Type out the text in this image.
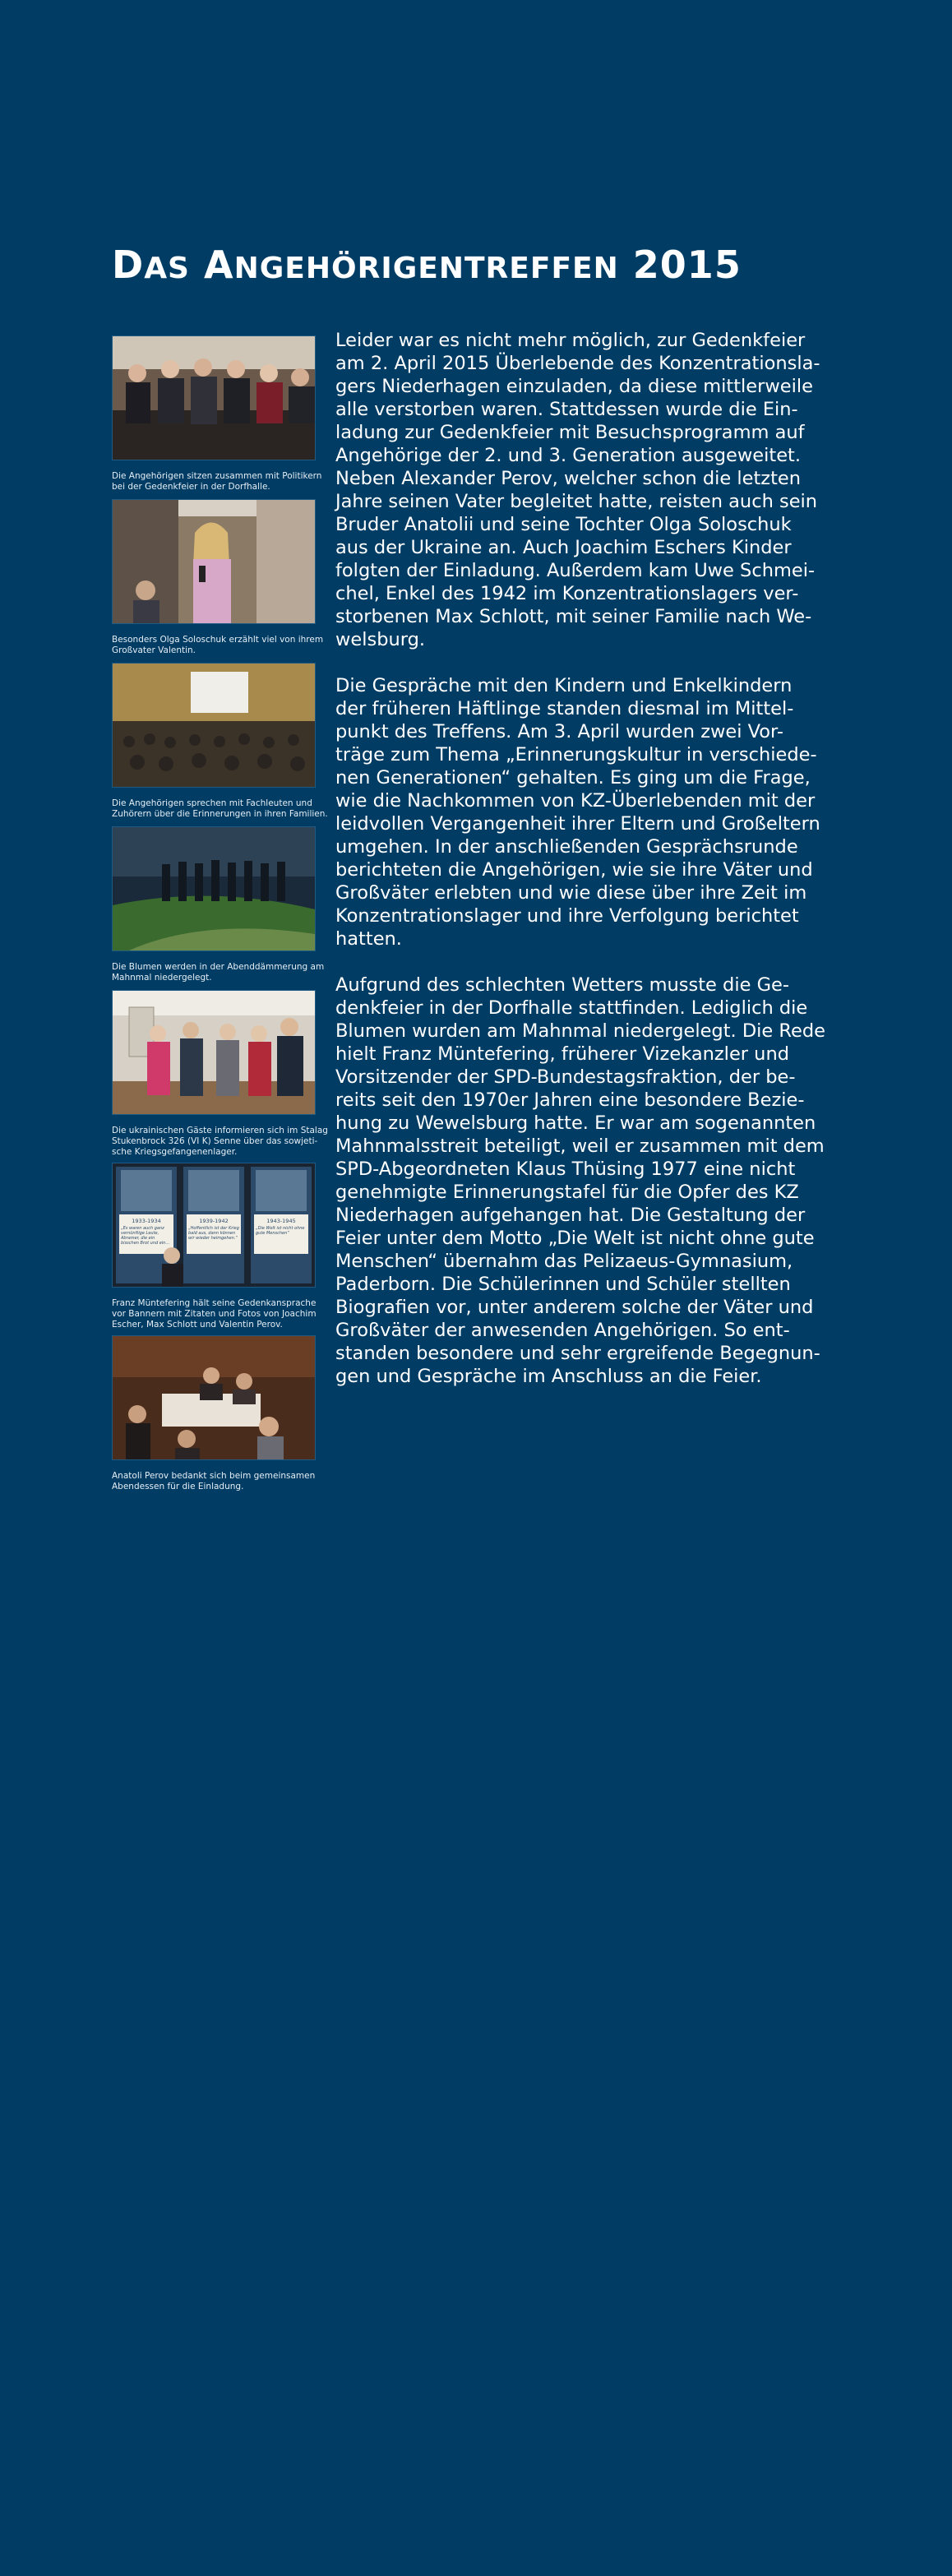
DAS ANGEHÖRIGENTREFFEN 2015
Die Angehörigen sitzen zusammen mit Politikern
bei der Gedenkfeier in der Dorfhalle.
Besonders Olga Soloschuk erzählt viel von ihrem
Großvater Valentin.
Die Angehörigen sprechen mit Fachleuten und
Zuhörern über die Erinnerungen in ihren Familien.
Die Blumen werden in der Abenddämmerung am
Mahnmal niedergelegt.
Die ukrainischen Gäste informieren sich im Stalag
Stukenbrock 326 (VI K) Senne über das sowjeti-
sche Kriegsgefangenenlager.
1933-1934	1939-1942	1943-1945
„Es waren auch ganz vernünftige Leute, Abramer, die ein bisschen Brot und ein…
„Hoffentlich ist der Krieg bald aus, dann können wir wieder heimgehen.“
„Die Welt ist nicht ohne gute Menschen“
Franz Müntefering hält seine Gedenkansprache
vor Bannern mit Zitaten und Fotos von Joachim
Escher, Max Schlott und Valentin Perov.
Anatoli Perov bedankt sich beim gemeinsamen
Abendessen für die Einladung.

Leider war es nicht mehr möglich, zur Gedenkfeier
am 2. April 2015 Überlebende des Konzentrationsla-
gers Niederhagen einzuladen, da diese mittlerweile
alle verstorben waren. Stattdessen wurde die Ein-
ladung zur Gedenkfeier mit Besuchsprogramm auf
Angehörige der 2. und 3. Generation ausgeweitet.
Neben Alexander Perov, welcher schon die letzten
Jahre seinen Vater begleitet hatte, reisten auch sein
Bruder Anatolii und seine Tochter Olga Soloschuk
aus der Ukraine an. Auch Joachim Eschers Kinder
folgten der Einladung. Außerdem kam Uwe Schmei-
chel, Enkel des 1942 im Konzentrationslagers ver-
storbenen Max Schlott, mit seiner Familie nach We-
welsburg.

Die Gespräche mit den Kindern und Enkelkindern
der früheren Häftlinge standen diesmal im Mittel-
punkt des Treffens. Am 3. April wurden zwei Vor-
träge zum Thema „Erinnerungskultur in verschiede-
nen Generationen“ gehalten. Es ging um die Frage,
wie die Nachkommen von KZ-Überlebenden mit der
leidvollen Vergangenheit ihrer Eltern und Großeltern
umgehen. In der anschließenden Gesprächsrunde
berichteten die Angehörigen, wie sie ihre Väter und
Großväter erlebten und wie diese über ihre Zeit im
Konzentrationslager und ihre Verfolgung berichtet
hatten.

Aufgrund des schlechten Wetters musste die Ge-
denkfeier in der Dorfhalle stattfinden. Lediglich die
Blumen wurden am Mahnmal niedergelegt. Die Rede
hielt Franz Müntefering, früherer Vizekanzler und
Vorsitzender der SPD-Bundestagsfraktion, der be-
reits seit den 1970er Jahren eine besondere Bezie-
hung zu Wewelsburg hatte. Er war am sogenannten
Mahnmalsstreit beteiligt, weil er zusammen mit dem
SPD-Abgeordneten Klaus Thüsing 1977 eine nicht
genehmigte Erinnerungstafel für die Opfer des KZ
Niederhagen aufgehangen hat. Die Gestaltung der
Feier unter dem Motto „Die Welt ist nicht ohne gute
Menschen“ übernahm das Pelizaeus-Gymnasium,
Paderborn. Die Schülerinnen und Schüler stellten
Biografien vor, unter anderem solche der Väter und
Großväter der anwesenden Angehörigen. So ent-
standen besondere und sehr ergreifende Begegnun-
gen und Gespräche im Anschluss an die Feier.
